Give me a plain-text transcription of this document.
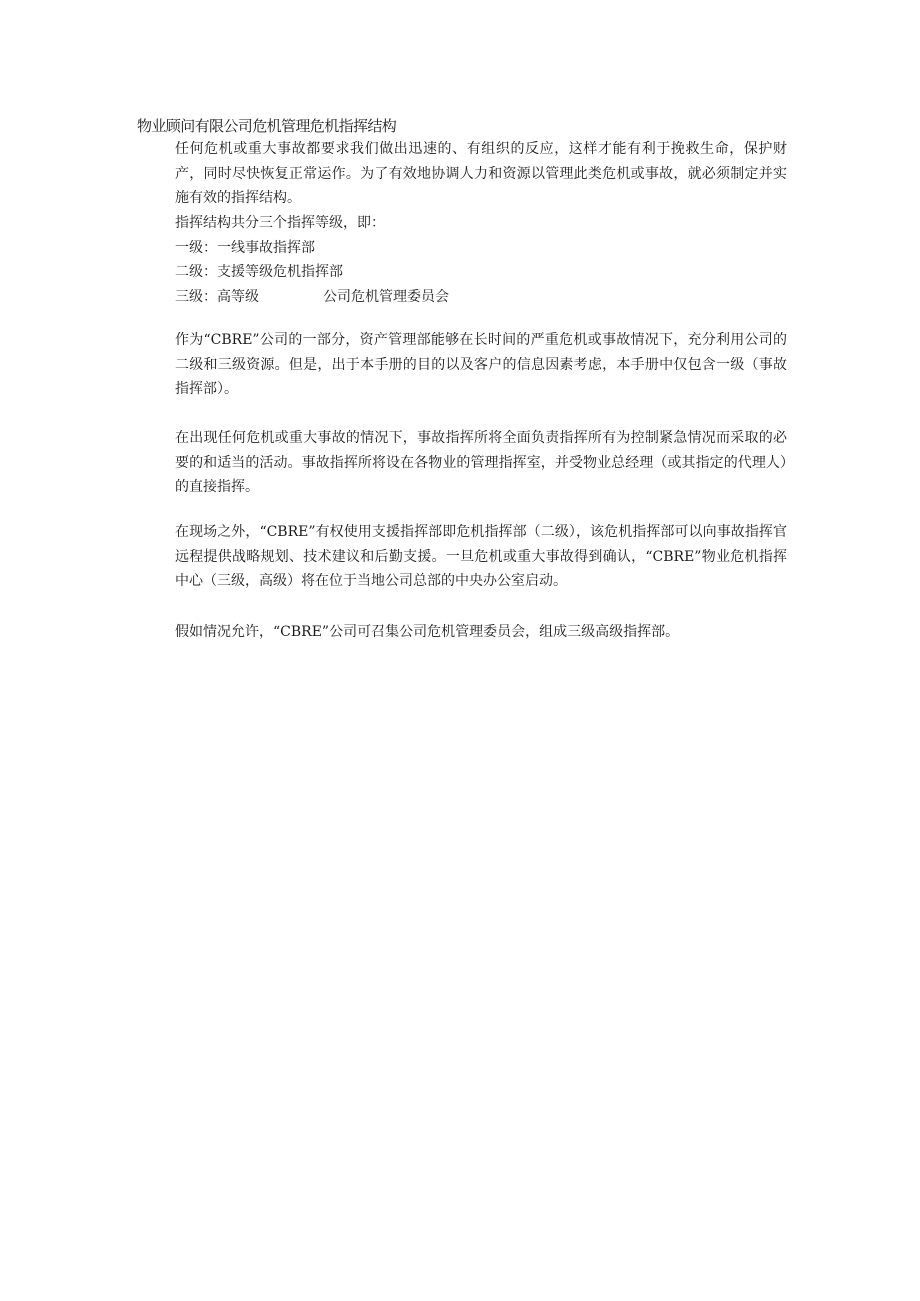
物业顾问有限公司危机管理危机指挥结构
任何危机或重大事故都要求我们做出迅速的、有组织的反应，这样才能有利于挽救生命，保护财产，同时尽快恢复正常运作。为了有效地协调人力和资源以管理此类危机或事故，就必须制定并实施有效的指挥结构。
指挥结构共分三个指挥等级，即：
一级：一线事故指挥部
二级：支援等级危机指挥部
三级：高等级	公司危机管理委员会
作为“CBRE”公司的一部分，资产管理部能够在长时间的严重危机或事故情况下，充分利用公司的二级和三级资源。但是，出于本手册的目的以及客户的信息因素考虑，本手册中仅包含一级（事故指挥部）。
在出现任何危机或重大事故的情况下，事故指挥所将全面负责指挥所有为控制紧急情况而采取的必要的和适当的活动。事故指挥所将设在各物业的管理指挥室，并受物业总经理（或其指定的代理人）的直接指挥。
在现场之外，“CBRE”有权使用支援指挥部即危机指挥部（二级），该危机指挥部可以向事故指挥官远程提供战略规划、技术建议和后勤支援。一旦危机或重大事故得到确认，“CBRE”物业危机指挥中心（三级，高级）将在位于当地公司总部的中央办公室启动。
假如情况允许，“CBRE”公司可召集公司危机管理委员会，组成三级高级指挥部。
